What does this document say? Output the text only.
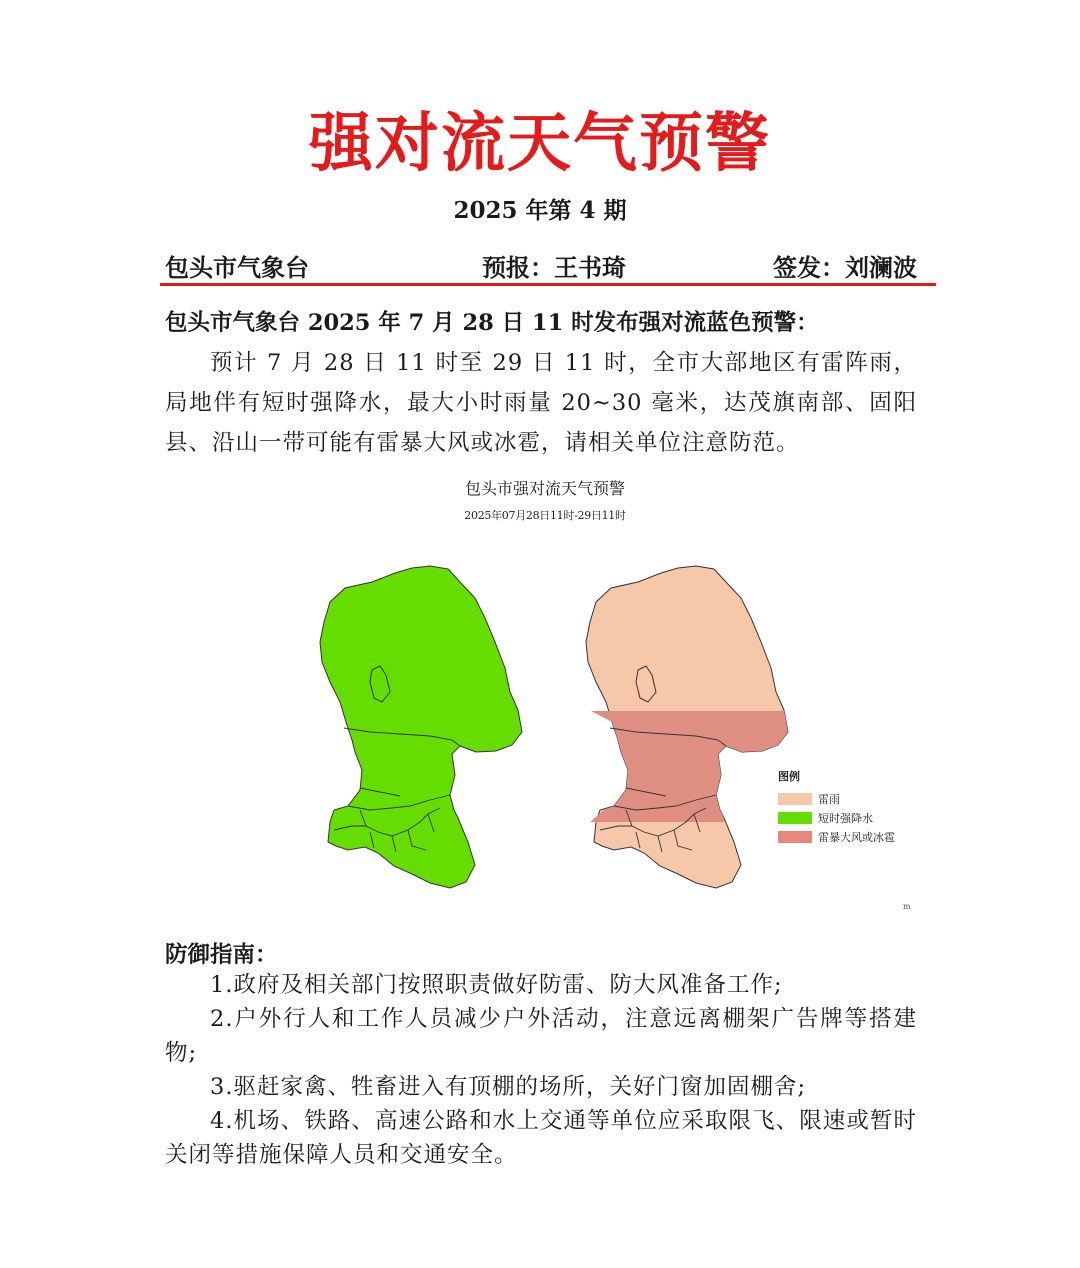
强对流天气预警
2025 年第 4 期
包头市气象台	预报：王书琦	签发：刘澜波
包头市气象台 2025 年 7 月 28 日 11 时发布强对流蓝色预警：
预计 7 月 28 日 11 时至 29 日 11 时，全市大部地区有雷阵雨，局地伴有短时强降水，最大小时雨量 20~30 毫米，达茂旗南部、固阳县、沿山一带可能有雷暴大风或冰雹，请相关单位注意防范。
包头市强对流天气预警
2025年07月28日11时-29日11时
图例
雷雨
短时强降水
雷暴大风或冰雹
m
防御指南：
1.政府及相关部门按照职责做好防雷、防大风准备工作;
2.户外行人和工作人员减少户外活动，注意远离棚架广告牌等搭建物;
3.驱赶家禽、牲畜进入有顶棚的场所，关好门窗加固棚舍;
4.机场、铁路、高速公路和水上交通等单位应采取限飞、限速或暂时关闭等措施保障人员和交通安全。
